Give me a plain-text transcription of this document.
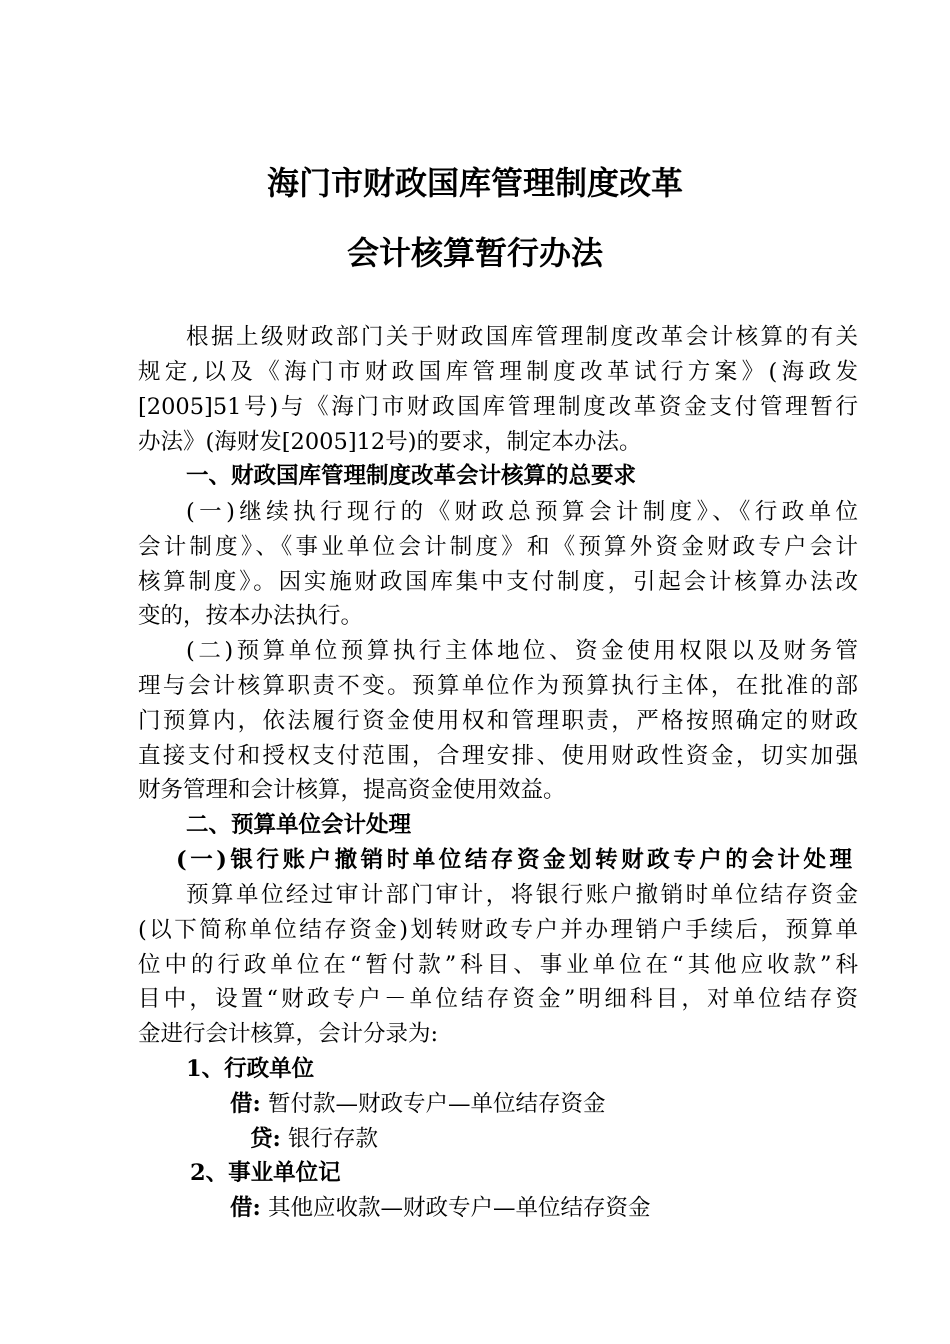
海门市财政国库管理制度改革
会计核算暂行办法
根据上级财政部门关于财政国库管理制度改革会计核算的有关
规定,以及《海门市财政国库管理制度改革试行方案》(海政发
[2005]51号)与《海门市财政国库管理制度改革资金支付管理暂行
办法》(海财发[2005]12号)的要求，制定本办法。
一、财政国库管理制度改革会计核算的总要求
(一)继续执行现行的《财政总预算会计制度》、《行政单位
会计制度》、《事业单位会计制度》和《预算外资金财政专户会计
核算制度》。因实施财政国库集中支付制度，引起会计核算办法改
变的，按本办法执行。
(二)预算单位预算执行主体地位、资金使用权限以及财务管
理与会计核算职责不变。预算单位作为预算执行主体，在批准的部
门预算内，依法履行资金使用权和管理职责，严格按照确定的财政
直接支付和授权支付范围，合理安排、使用财政性资金，切实加强
财务管理和会计核算，提高资金使用效益。
二、预算单位会计处理
(一)银行账户撤销时单位结存资金划转财政专户的会计处理
预算单位经过审计部门审计，将银行账户撤销时单位结存资金
(以下简称单位结存资金)划转财政专户并办理销户手续后，预算单
位中的行政单位在“暂付款”科目、事业单位在“其他应收款”科
目中，设置“财政专户－单位结存资金”明细科目，对单位结存资
金进行会计核算，会计分录为:
1、行政单位
借: 暂付款—财政专户—单位结存资金
贷: 银行存款
2、事业单位记
借: 其他应收款—财政专户—单位结存资金
